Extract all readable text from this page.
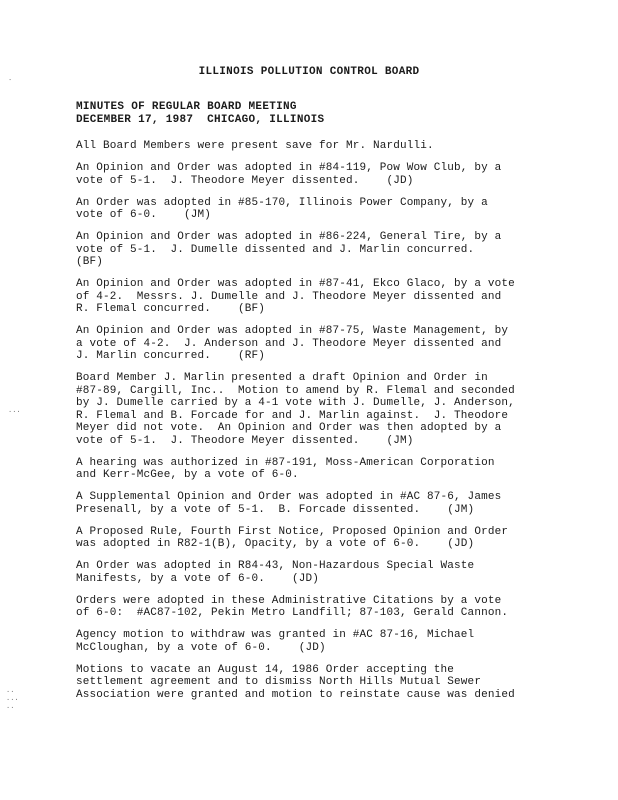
⋅
···
··
···
··
ILLINOIS POLLUTION CONTROL BOARD
MINUTES OF REGULAR BOARD MEETING
DECEMBER 17, 1987  CHICAGO, ILLINOIS
All Board Members were present save for Mr. Nardulli.
An Opinion and Order was adopted in #84-119, Pow Wow Club, by a
vote of 5-1.  J. Theodore Meyer dissented.    (JD)
An Order was adopted in #85-170, Illinois Power Company, by a
vote of 6-0.    (JM)
An Opinion and Order was adopted in #86-224, General Tire, by a
vote of 5-1.  J. Dumelle dissented and J. Marlin concurred.
(BF)
An Opinion and Order was adopted in #87-41, Ekco Glaco, by a vote
of 4-2.  Messrs. J. Dumelle and J. Theodore Meyer dissented and
R. Flemal concurred.    (BF)
An Opinion and Order was adopted in #87-75, Waste Management, by
a vote of 4-2.  J. Anderson and J. Theodore Meyer dissented and
J. Marlin concurred.    (RF)
Board Member J. Marlin presented a draft Opinion and Order in
#87-89, Cargill, Inc..  Motion to amend by R. Flemal and seconded
by J. Dumelle carried by a 4-1 vote with J. Dumelle, J. Anderson,
R. Flemal and B. Forcade for and J. Marlin against.  J. Theodore
Meyer did not vote.  An Opinion and Order was then adopted by a
vote of 5-1.  J. Theodore Meyer dissented.    (JM)
A hearing was authorized in #87-191, Moss-American Corporation
and Kerr-McGee, by a vote of 6-0.
A Supplemental Opinion and Order was adopted in #AC 87-6, James
Presenall, by a vote of 5-1.  B. Forcade dissented.    (JM)
A Proposed Rule, Fourth First Notice, Proposed Opinion and Order
was adopted in R82-1(B), Opacity, by a vote of 6-0.    (JD)
An Order was adopted in R84-43, Non-Hazardous Special Waste
Manifests, by a vote of 6-0.    (JD)
Orders were adopted in these Administrative Citations by a vote
of 6-0:  #AC87-102, Pekin Metro Landfill; 87-103, Gerald Cannon.
Agency motion to withdraw was granted in #AC 87-16, Michael
McCloughan, by a vote of 6-0.    (JD)
Motions to vacate an August 14, 1986 Order accepting the
settlement agreement and to dismiss North Hills Mutual Sewer
Association were granted and motion to reinstate cause was denied
